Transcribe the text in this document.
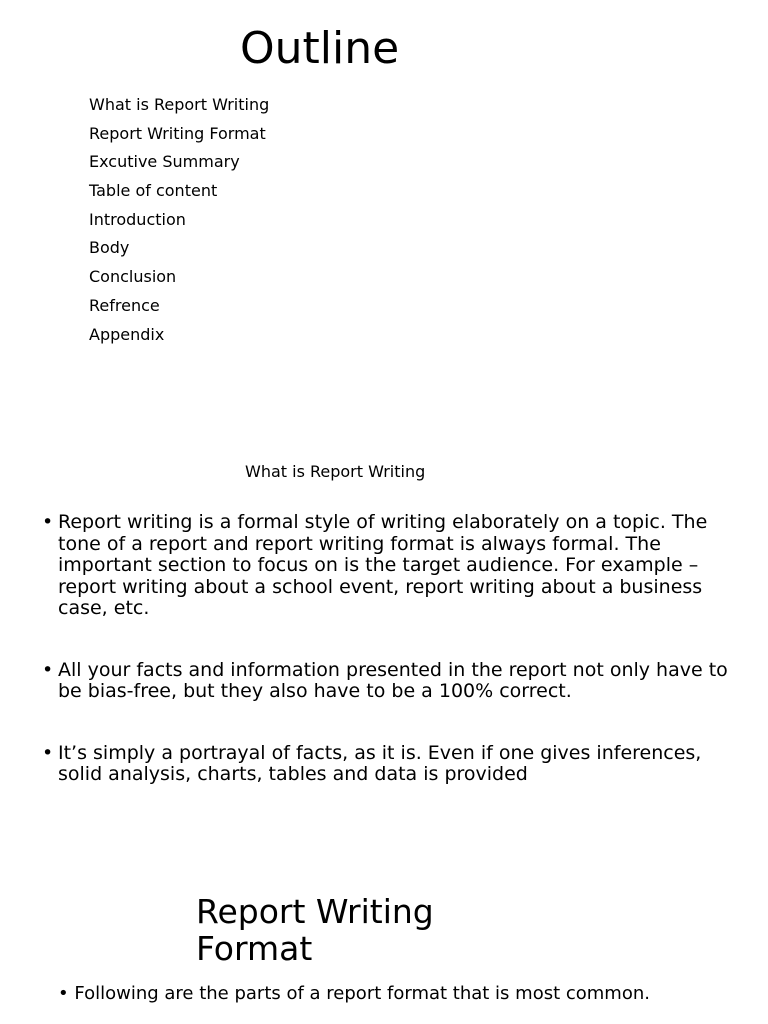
Outline
What is Report Writing
Report Writing Format
Excutive Summary
Table of content
Introduction
Body
Conclusion
Refrence
Appendix
What is Report Writing
• Report writing is a formal style of writing elaborately on a topic. The tone of a report and report writing format is always formal. The important section to focus on is the target audience. For example – report writing about a school event, report writing about a business case, etc.
• All your facts and information presented in the report not only have to be bias-free, but they also have to be a 100% correct.
• It’s simply a portrayal of facts, as it is. Even if one gives inferences, solid analysis, charts, tables and data is provided
Report Writing Format
• Following are the parts of a report format that is most common.
